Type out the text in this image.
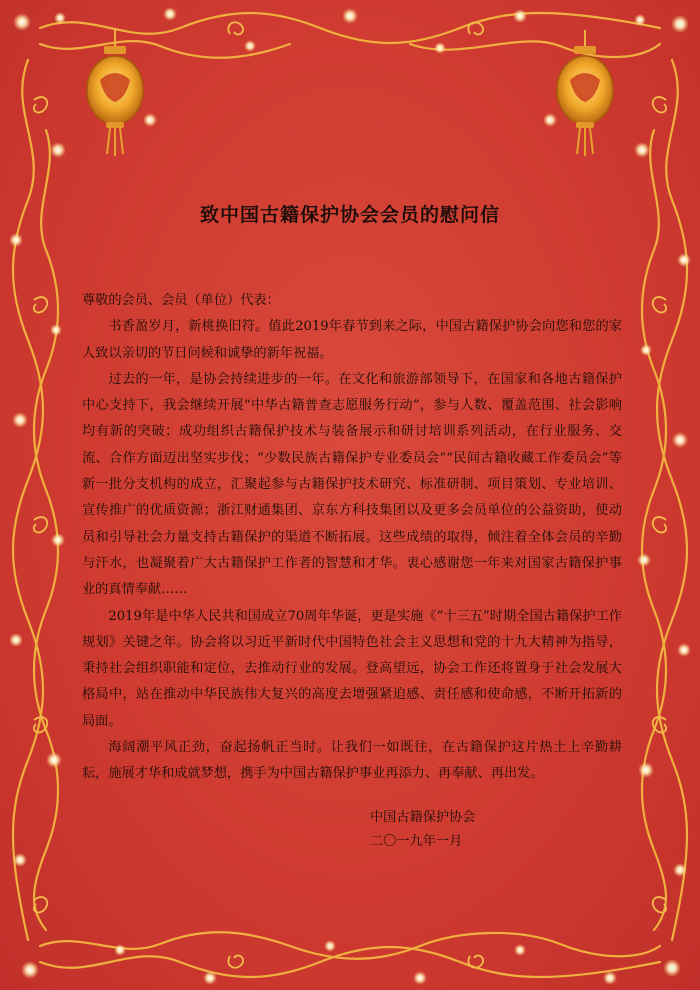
致中国古籍保护协会会员的慰问信

尊敬的会员、会员（单位）代表：

书香盈岁月，新桃换旧符。值此2019年春节到来之际，中国古籍保护协会向您和您的家人致以亲切的节日问候和诚挚的新年祝福。

过去的一年，是协会持续进步的一年。在文化和旅游部领导下，在国家和各地古籍保护中心支持下，我会继续开展“中华古籍普查志愿服务行动”，参与人数、覆盖范围、社会影响均有新的突破；成功组织古籍保护技术与装备展示和研讨培训系列活动，在行业服务、交流、合作方面迈出坚实步伐；“少数民族古籍保护专业委员会”“民间古籍收藏工作委员会”等新一批分支机构的成立，汇聚起参与古籍保护技术研究、标准研制、项目策划、专业培训、宣传推广的优质资源；浙江财通集团、京东方科技集团以及更多会员单位的公益资助，使动员和引导社会力量支持古籍保护的渠道不断拓展。这些成绩的取得，倾注着全体会员的辛勤与汗水，也凝聚着广大古籍保护工作者的智慧和才华。衷心感谢您一年来对国家古籍保护事业的真情奉献……

2019年是中华人民共和国成立70周年华诞，更是实施《“十三五”时期全国古籍保护工作规划》关键之年。协会将以习近平新时代中国特色社会主义思想和党的十九大精神为指导，秉持社会组织职能和定位，去推动行业的发展。登高望远，协会工作还将置身于社会发展大格局中，站在推动中华民族伟大复兴的高度去增强紧迫感、责任感和使命感，不断开拓新的局面。

海阔潮平风正劲，奋起扬帆正当时。让我们一如既往，在古籍保护这片热土上辛勤耕耘，施展才华和成就梦想，携手为中国古籍保护事业再添力、再奉献、再出发。

中国古籍保护协会
二〇一九年一月
